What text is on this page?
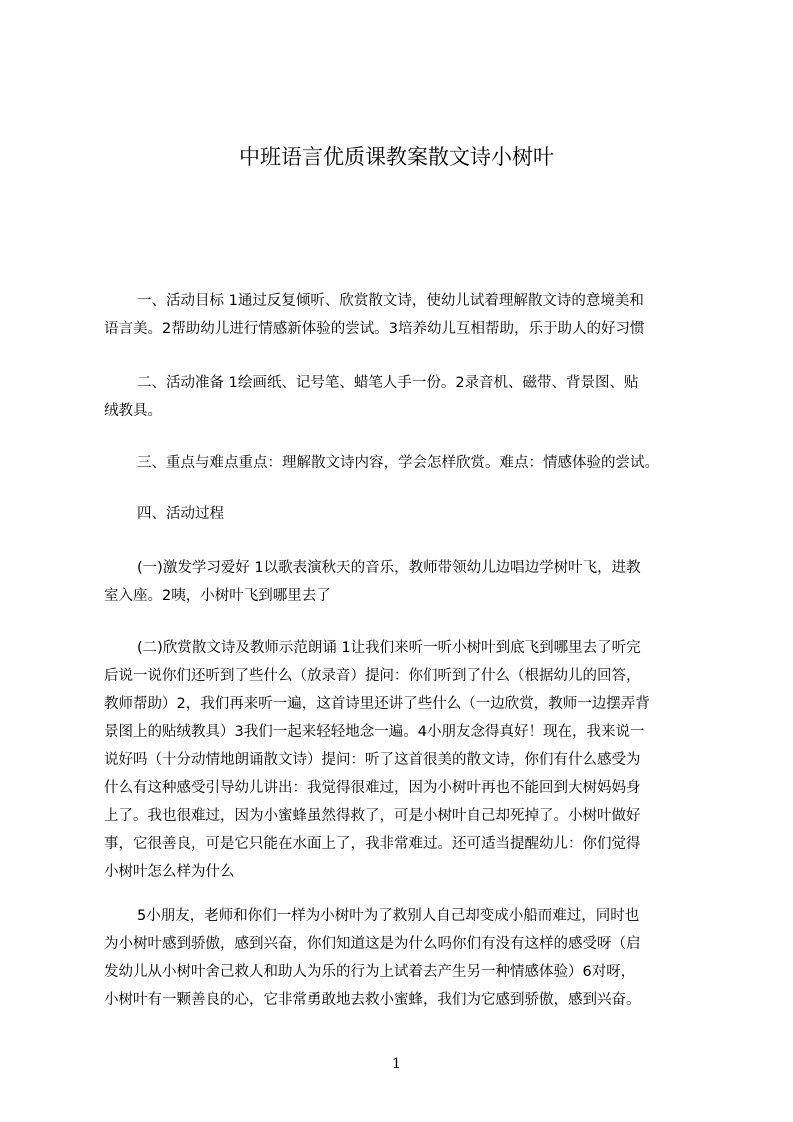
中班语言优质课教案散文诗小树叶
一、活动目标 1通过反复倾听、欣赏散文诗，使幼儿试着理解散文诗的意境美和
语言美。2帮助幼儿进行情感新体验的尝试。3培养幼儿互相帮助，乐于助人的好习惯
二、活动准备 1绘画纸、记号笔、蜡笔人手一份。2录音机、磁带、背景图、贴
绒教具。
三、重点与难点重点：理解散文诗内容，学会怎样欣赏。难点：情感体验的尝试。
四、活动过程
(一)激发学习爱好 1以歌表演秋天的音乐，教师带领幼儿边唱边学树叶飞，进教
室入座。2咦，小树叶飞到哪里去了
(二)欣赏散文诗及教师示范朗诵 1让我们来听一听小树叶到底飞到哪里去了听完
后说一说你们还听到了些什么（放录音）提问：你们听到了什么（根据幼儿的回答，
教师帮助）2，我们再来听一遍，这首诗里还讲了些什么（一边欣赏，教师一边摆弄背
景图上的贴绒教具）3我们一起来轻轻地念一遍。4小朋友念得真好！现在，我来说一
说好吗（十分动情地朗诵散文诗）提问：听了这首很美的散文诗，你们有什么感受为
什么有这种感受引导幼儿讲出：我觉得很难过，因为小树叶再也不能回到大树妈妈身
上了。我也很难过，因为小蜜蜂虽然得救了，可是小树叶自己却死掉了。小树叶做好
事，它很善良，可是它只能在水面上了，我非常难过。还可适当提醒幼儿：你们觉得
小树叶怎么样为什么
5小朋友，老师和你们一样为小树叶为了救别人自己却变成小船而难过，同时也
为小树叶感到骄傲，感到兴奋，你们知道这是为什么吗你们有没有这样的感受呀（启
发幼儿从小树叶舍己救人和助人为乐的行为上试着去产生另一种情感体验）6对呀，
小树叶有一颗善良的心，它非常勇敢地去救小蜜蜂，我们为它感到骄傲，感到兴奋。
1
